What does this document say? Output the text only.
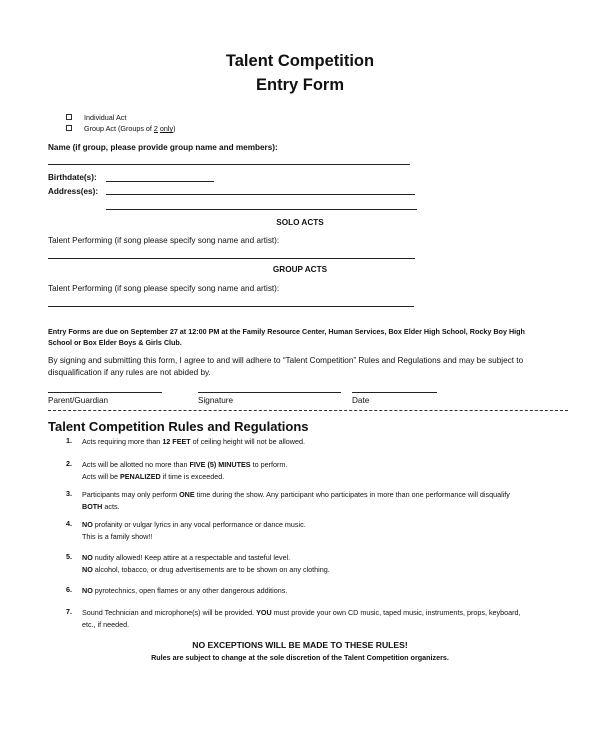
Talent Competition
Entry Form
Individual Act
Group Act (Groups of 2 only)
Name (if group, please provide group name and members):
Birthdate(s):
Address(es):
SOLO ACTS
Talent Performing (if song please specify song name and artist):
GROUP ACTS
Talent Performing (if song please specify song name and artist):
Entry Forms are due on September 27 at 12:00 PM at the Family Resource Center, Human Services, Box Elder High School, Rocky Boy High
School or Box Elder Boys & Girls Club.
By signing and submitting this form, I agree to and will adhere to “Talent Competition” Rules and Regulations and may be subject to
disqualification if any rules are not abided by.
Parent/Guardian	Signature	Date
Talent Competition Rules and Regulations
1.	Acts requiring more than 12 FEET of ceiling height will not be allowed.
2.	Acts will be allotted no more than FIVE (5) MINUTES to perform.
Acts will be PENALIZED if time is exceeded.
3.	Participants may only perform ONE time during the show. Any participant who participates in more than one performance will disqualify
BOTH acts.
4.	NO profanity or vulgar lyrics in any vocal performance or dance music.
This is a family show!!
5.	NO nudity allowed! Keep attire at a respectable and tasteful level.
NO alcohol, tobacco, or drug advertisements are to be shown on any clothing.
6.	NO pyrotechnics, open flames or any other dangerous additions.
7.	Sound Technician and microphone(s) will be provided. YOU must provide your own CD music, taped music, instruments, props, keyboard,
etc., if needed.
NO EXCEPTIONS WILL BE MADE TO THESE RULES!
Rules are subject to change at the sole discretion of the Talent Competition organizers.
